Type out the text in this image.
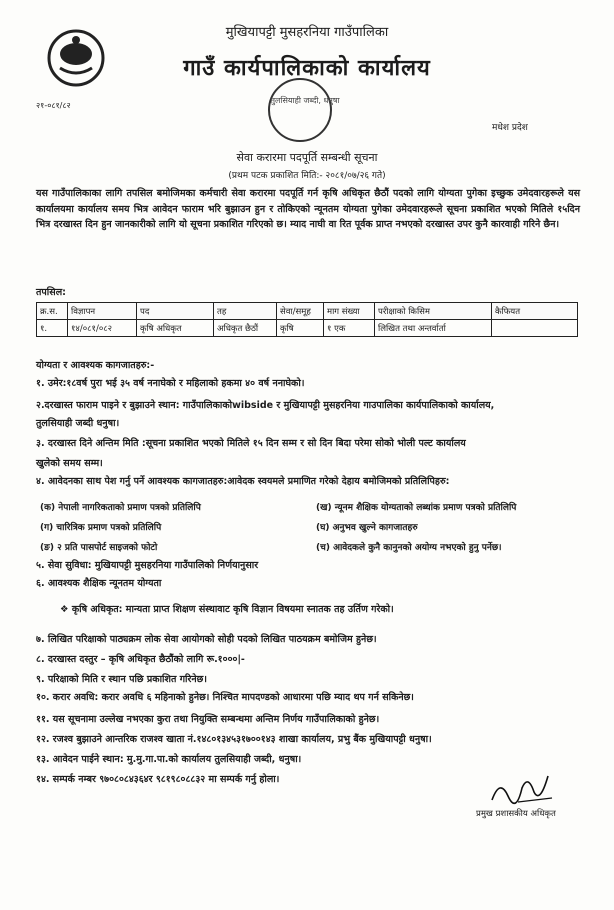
मुखियापट्टी मुसहरनिया गाउँपालिका
गाउँ कार्यपालिकाको कार्यालय
तुलसियाही जब्दी, धनुषा
२१-०८१/८२
मधेश प्रदेश
सेवा करारमा पदपूर्ति सम्बन्धी सूचना
(प्रथम पटक प्रकाशित मिति:- २०८१/०७/२६ गते)
यस गाउँपालिकाका लागि तपसिल बमोजिमका कर्मचारी सेवा करारमा पदपूर्ति गर्न कृषि अधिकृत छैठौं पदको लागि योग्यता पुगेका इच्छुक उमेदवारहरूले यस कार्यालयमा कार्यालय समय भित्र आवेदन फाराम भरि बुझाउन हुन र तोकिएको न्यूनतम योग्यता पुगेका उमेदवारहरूले सूचना प्रकाशित भएको मितिले १५दिन भित्र दरखास्त दिन हुन जानकारीको लागि यो सूचना प्रकाशित गरिएको छ। म्याद नाघी वा रित पूर्वक प्राप्त नभएको दरखास्त उपर कुनै कारवाही गरिने छैन।
तपसिल:
क्र.स.	विज्ञापन	पद	तह	सेवा/समूह	माग संख्या	परीक्षाको किसिम	कैफियत
१.	१४/०८१/०८२	कृषि अधिकृत	अधिकृत छैठौं	कृषि	१ एक	लिखित तथा अन्तर्वार्ता	
योग्यता र आवश्यक कागजातहरु:-
१. उमेर:१८वर्ष पुरा भई ३५ वर्ष ननाघेको र महिलाको हकमा ४० वर्ष ननाघेको।
२.दरखास्त फाराम पाइने र बुझाउने स्थान: गाउँपालिकाकोwibside र मुखियापट्टी मुसहरनिया गाउपालिका कार्यपालिकाको कार्यालय,
तुलसियाही जब्दी धनुषा।
३. दरखास्त दिने अन्तिम मिति :सूचना प्रकाशित भएको मितिले १५ दिन सम्म र सो दिन बिदा परेमा सोको भोली पल्ट कार्यालय
खुलेको समय सम्म।
४. आवेदनका साथ पेश गर्नु पर्ने आवश्यक कागजातहरु:आवेदक स्वयमले प्रमाणित गरेको देहाय बमोजिमको प्रतिलिपिहरु:
(क) नेपाली नागरिकताको प्रमाण पत्रको प्रतिलिपि	(ख) न्यूनम शैक्षिक योग्यताको लब्धांक प्रमाण पत्रको प्रतिलिपि
(ग) चारित्रिक प्रमाण पत्रको प्रतिलिपि	(घ) अनुभव खुल्ने कागजातहरु
(ङ) २ प्रति पासपोर्ट साइजको फोटो	(च) आवेदकले कुनै कानुनको अयोग्य नभएको हुनु पर्नेछ।
५. सेवा सुविधा: मुखियापट्टी मुसहरनिया गाउँपालिको निर्णयानुसार
६. आवश्यक शैक्षिक न्यूनतम योग्यता
❖ कृषि अधिकृत: मान्यता प्राप्त शिक्षण संस्थावाट कृषि विज्ञान विषयमा स्नातक तह उर्तिण गरेको।
७. लिखित परिक्षाको पाठ्यक्रम लोक सेवा आयोगको सोही पदको लिखित पाठयक्रम बमोजिम हुनेछ।
८. दरखास्त दस्तुर – कृषि अधिकृत छैठौंको लागि रू.१०००|-
९. परिक्षाको मिति र स्थान पछि प्रकाशित गरिनेछ।
१०. करार अवधि: करार अवधि ६ महिनाको हुनेछ। निश्चित मापदण्डको आधारमा पछि म्याद थप गर्न सकिनेछ।
११. यस सूचनामा उल्लेख नभएका कुरा तथा नियुक्ति सम्बन्धमा अन्तिम निर्णय गाउँपालिकाको हुनेछ।
१२. रजश्व बुझाउने आन्तरिक राजश्व खाता नं.१४८०१३४५३१७००१४३ शाखा कार्यालय, प्रभु बैंक मुखियापट्टी धनुषा।
१३. आवेदन पाईने स्थान: मु.मु.गा.पा.को कार्यालय तुलसियाही जब्दी, धनुषा।
१४. सम्पर्क नम्बर ९७०८०८४३६४र ९८१९८०८८३२ मा सम्पर्क गर्नु होला।
प्रमुख प्रशासकीय अधिकृत
